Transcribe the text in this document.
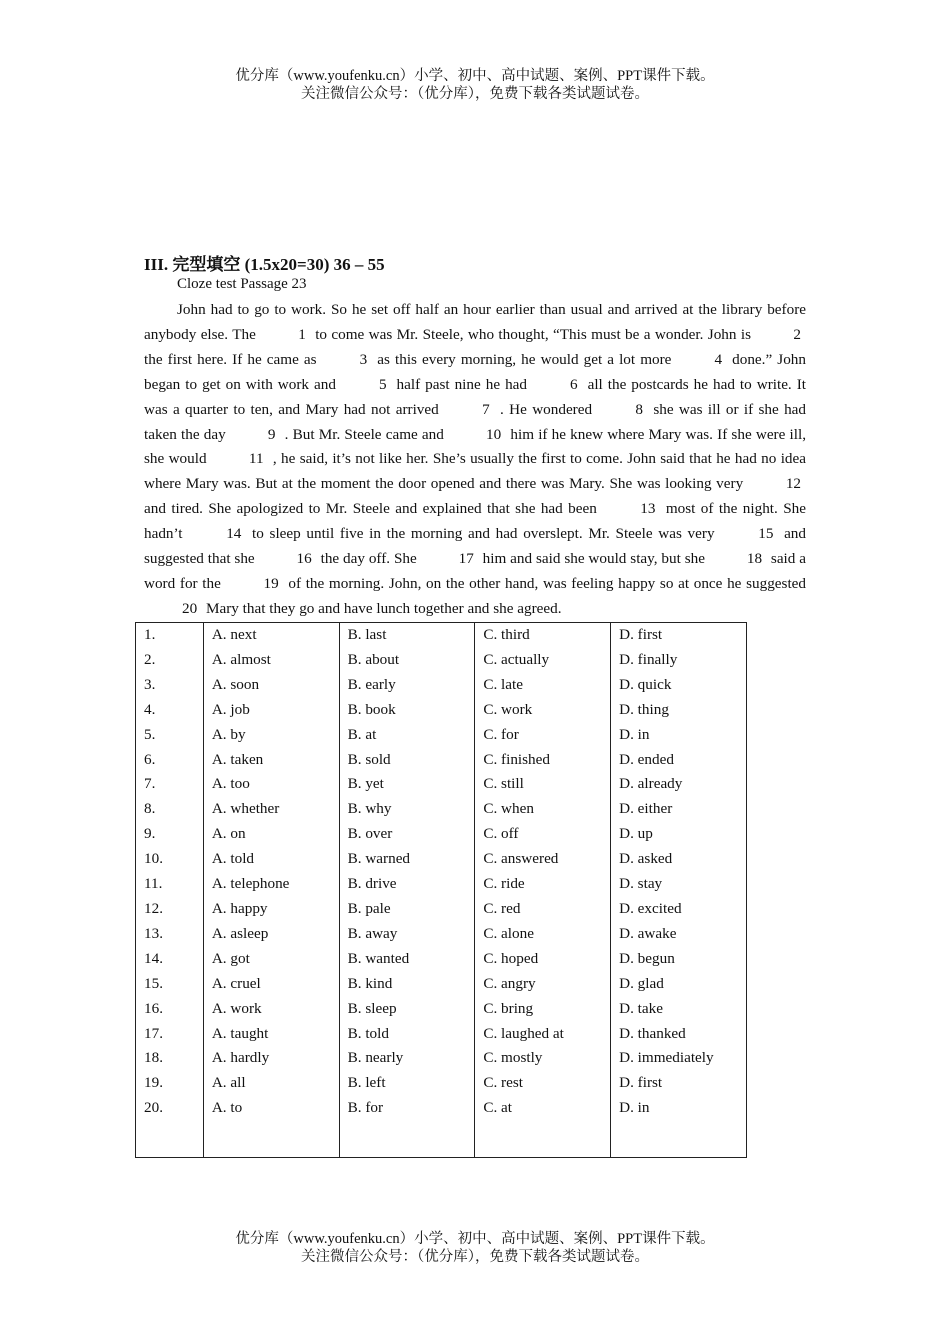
优分库（www.youfenku.cn）小学、初中、高中试题、案例、PPT课件下载。
关注微信公众号：（优分库），免费下载各类试题试卷。
III. 完型填空 (1.5x20=30) 36 – 55
Cloze test Passage 23

John had to go to work. So he set off half an hour earlier than usual and arrived at the library before anybody else. The	1 to come was Mr. Steele, who thought, “This must be a wonder. John is	2 the first here. If he came as	3 as this every morning, he would get a lot more	4 done.” John began to get on with work and	5 half past nine he had	6 all the postcards he had to write. It was a quarter to ten, and Mary had not arrived	7 . He wondered	8 she was ill or if she had taken the day	9 . But Mr. Steele came and	10 him if he knew where Mary was. If she were ill, she would	11 , he said, it’s not like her. She’s usually the first to come. John said that he had no idea where Mary was. But at the moment the door opened and there was Mary. She was looking very	12 and tired. She apologized to Mr. Steele and explained that she had been	13 most of the night. She hadn’t	14 to sleep until five in the morning and had overslept. Mr. Steele was very	15 and suggested that she	16 the day off. She	17 him and said she would stay, but she	18 said a word for the	19 of the morning. John, on the other hand, was feeling happy so at once he suggested 20 Mary that they go and have lunch together and she agreed.

1.	A. next	B. last	C. third	D. first
2.	A. almost	B. about	C. actually	D. finally
3.	A. soon	B. early	C. late	D. quick
4.	A. job	B. book	C. work	D. thing
5.	A. by	B. at	C. for	D. in
6.	A. taken	B. sold	C. finished	D. ended
7.	A. too	B. yet	C. still	D. already
8.	A. whether	B. why	C. when	D. either
9.	A. on	B. over	C. off	D. up
10.	A. told	B. warned	C. answered	D. asked
11.	A. telephone	B. drive	C. ride	D. stay
12.	A. happy	B. pale	C. red	D. excited
13.	A. asleep	B. away	C. alone	D. awake
14.	A. got	B. wanted	C. hoped	D. begun
15.	A. cruel	B. kind	C. angry	D. glad
16.	A. work	B. sleep	C. bring	D. take
17.	A. taught	B. told	C. laughed at	D. thanked
18.	A. hardly	B. nearly	C. mostly	D. immediately
19.	A. all	B. left	C. rest	D. first
20.	A. to	B. for	C. at	D. in

优分库（www.youfenku.cn）小学、初中、高中试题、案例、PPT课件下载。
关注微信公众号：（优分库），免费下载各类试题试卷。
